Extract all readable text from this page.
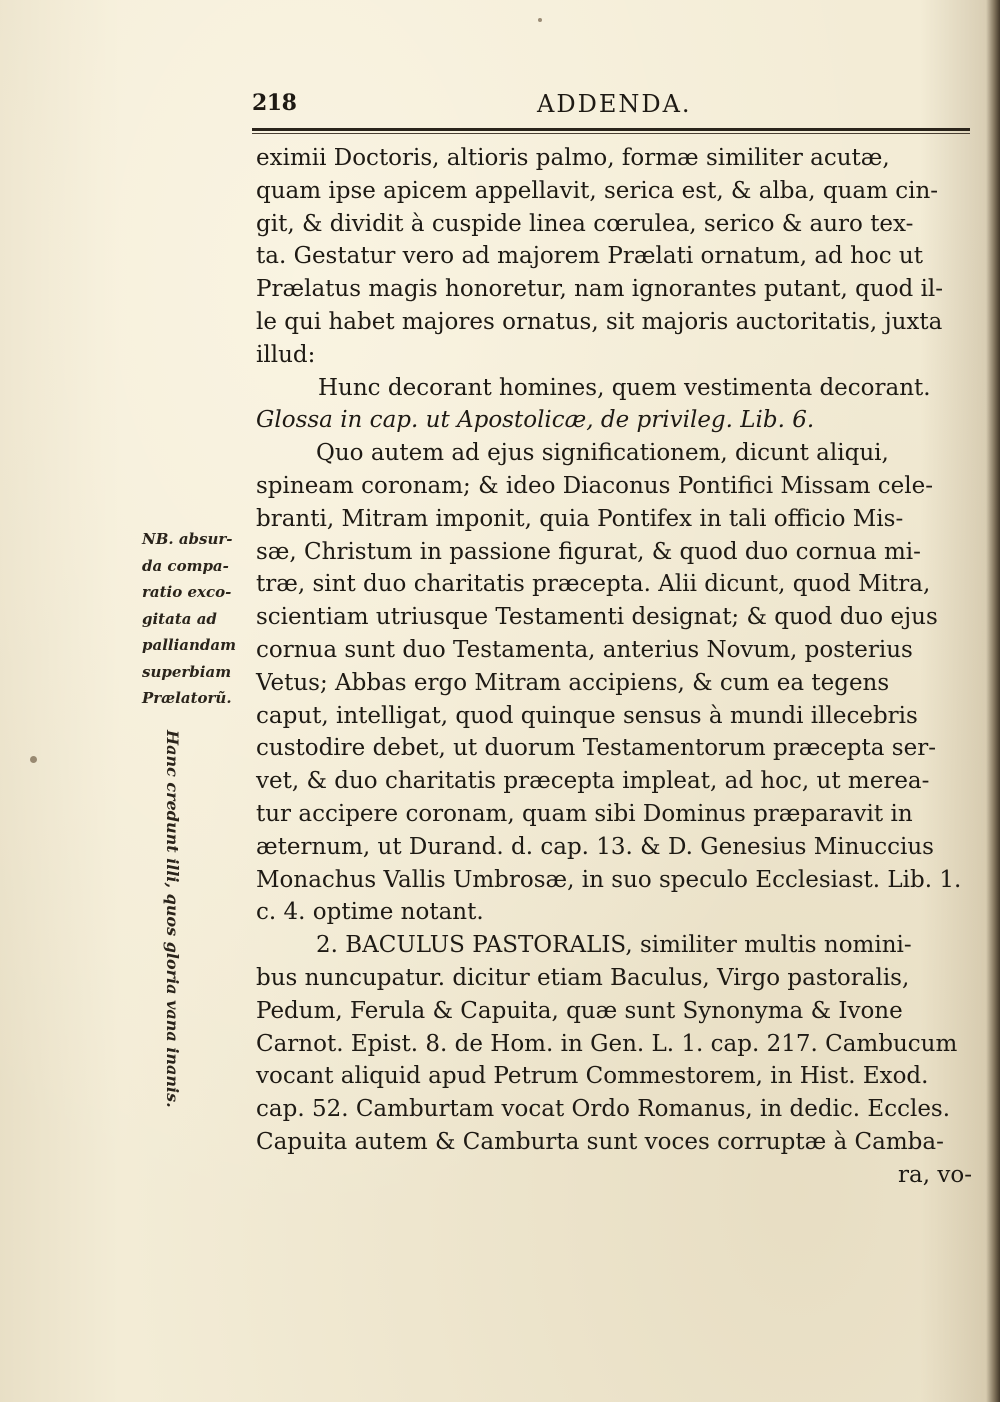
218	ADDENDA.
NB. absur-
da compa-
ratio exco-
gitata ad
palliandam
superbiam
Prælatorũ.
Hanc credunt illi, quos gloria vana inanis.
eximii Doctoris, altioris palmo, formæ similiter acutæ,
quam ipse apicem appellavit, serica est, & alba, quam cin-
git, & dividit à cuspide linea cœrulea, serico & auro tex-
ta. Gestatur vero ad majorem Prælati ornatum, ad hoc ut
Prælatus magis honoretur, nam ignorantes putant, quod il-
le qui habet majores ornatus, sit majoris auctoritatis, juxta
illud:
Hunc decorant homines, quem vestimenta decorant.
Glossa in cap. ut Apostolicæ, de privileg. Lib. 6.
Quo autem ad ejus significationem, dicunt aliqui,
spineam coronam; & ideo Diaconus Pontifici Missam cele-
branti, Mitram imponit, quia Pontifex in tali officio Mis-
sæ, Christum in passione figurat, & quod duo cornua mi-
træ, sint duo charitatis præcepta. Alii dicunt, quod Mitra,
scientiam utriusque Testamenti designat; & quod duo ejus
cornua sunt duo Testamenta, anterius Novum, posterius
Vetus; Abbas ergo Mitram accipiens, & cum ea tegens
caput, intelligat, quod quinque sensus à mundi illecebris
custodire debet, ut duorum Testamentorum præcepta ser-
vet, & duo charitatis præcepta impleat, ad hoc, ut merea-
tur accipere coronam, quam sibi Dominus præparavit in
æternum, ut Durand. d. cap. 13. & D. Genesius Minuccius
Monachus Vallis Umbrosæ, in suo speculo Ecclesiast. Lib. 1.
c. 4. optime notant.
2. BACULUS PASTORALIS, similiter multis nomini-
bus nuncupatur. dicitur etiam Baculus, Virgo pastoralis,
Pedum, Ferula & Capuita, quæ sunt Synonyma & Ivone
Carnot. Epist. 8. de Hom. in Gen. L. 1. cap. 217. Cambucum
vocant aliquid apud Petrum Commestorem, in Hist. Exod.
cap. 52. Camburtam vocat Ordo Romanus, in dedic. Eccles.
Capuita autem & Camburta sunt voces corruptæ à Camba-
ra, vo-
